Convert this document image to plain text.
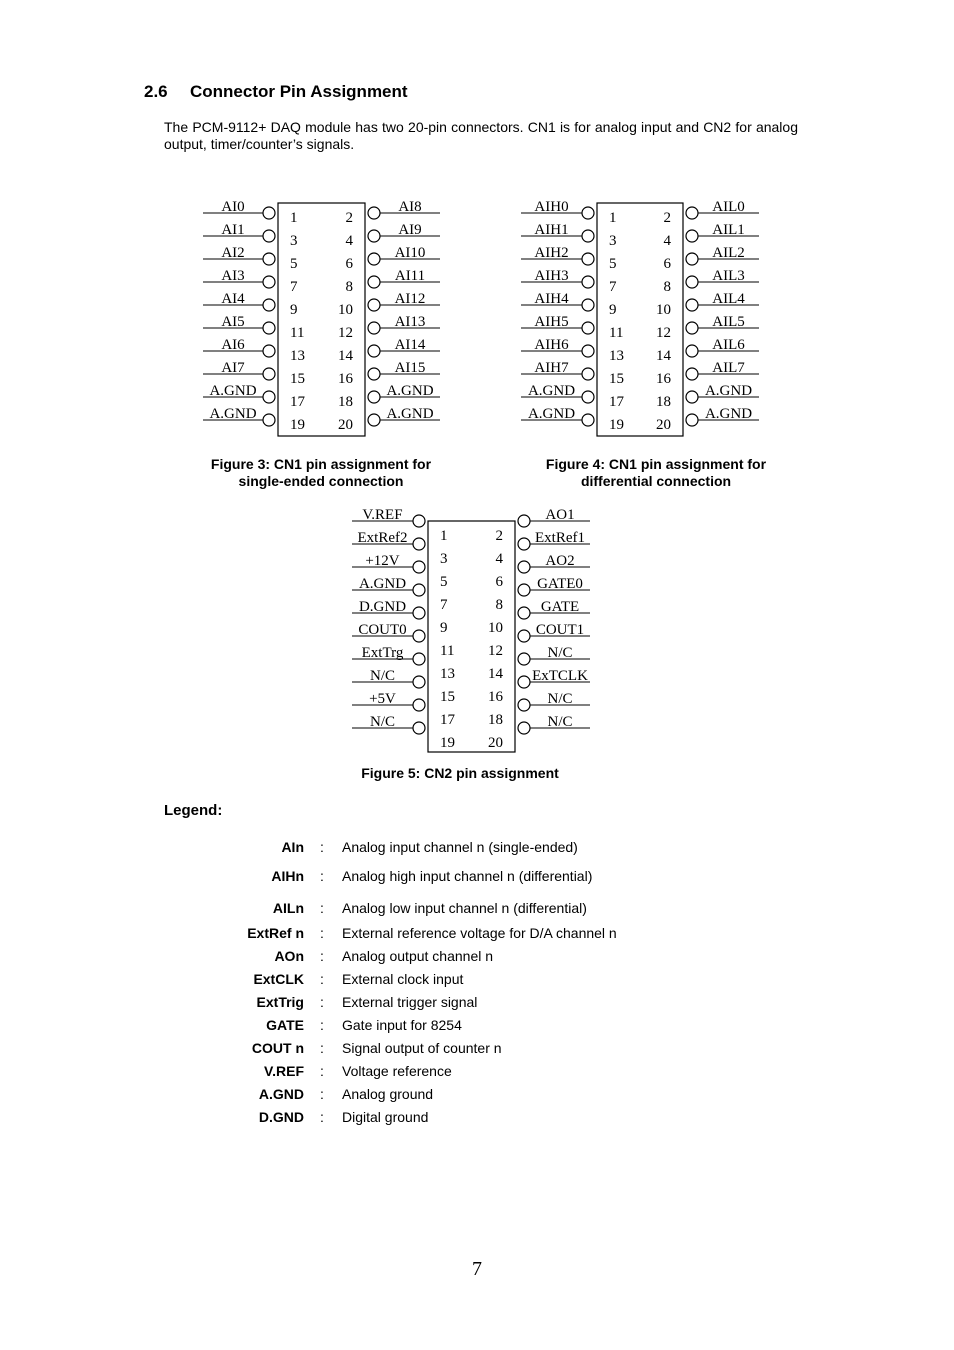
2.6 Connector Pin Assignment
The PCM-9112+ DAQ module has two 20-pin connectors. CN1 is for analog input and CN2 for analog output, timer/counter’s signals.
1
3
5
7
9
11
13
15
17
19
2
4
6
8
10
12
14
16
18
20
AI0
AI1
AI2
AI3
AI4
AI5
AI6
AI7
A.GND
A.GND
AI8
AI9
AI10
AI11
AI12
AI13
AI14
AI15
A.GND
A.GND
1
3
5
7
9
11
13
15
17
19
2
4
6
8
10
12
14
16
18
20
AIH0
AIH1
AIH2
AIH3
AIH4
AIH5
AIH6
AIH7
A.GND
A.GND
AIL0
AIL1
AIL2
AIL3
AIL4
AIL5
AIL6
AIL7
A.GND
A.GND
1
3
5
7
9
11
13
15
17
19
2
4
6
8
10
12
14
16
18
20
V.REF
ExtRef2
+12V
A.GND
D.GND
COUT0
ExtTrg
N/C
+5V
N/C
AO1
ExtRef1
AO2
GATE0
GATE
COUT1
N/C
ExTCLK
N/C
N/C
Figure 3: CN1 pin assignment for
single-ended connection
Figure 4: CN1 pin assignment for
differential connection
Figure 5: CN2 pin assignment
Legend:
AIn : Analog input channel n (single-ended)
AIHn : Analog high input channel n (differential)
AILn : Analog low input channel n (differential)
ExtRef n : External reference voltage for D/A channel n
AOn : Analog output channel n
ExtCLK : External clock input
ExtTrig : External trigger signal
GATE : Gate input for 8254
COUT n : Signal output of counter n
V.REF : Voltage reference
A.GND : Analog ground
D.GND : Digital ground
7
